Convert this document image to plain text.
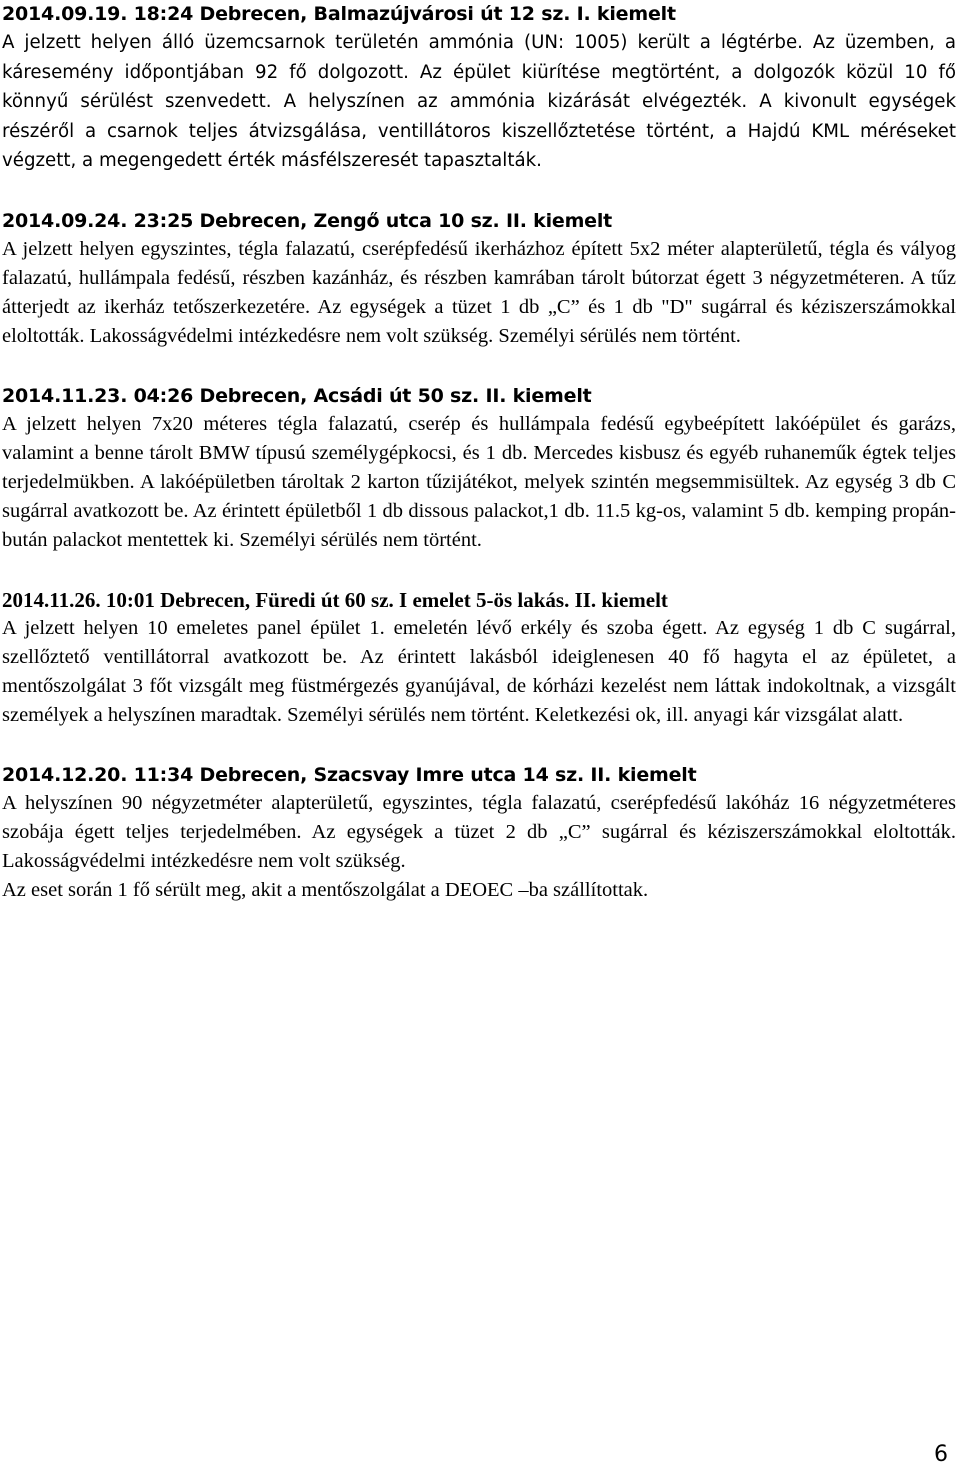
2014.09.19. 18:24 Debrecen, Balmazújvárosi út 12 sz. I. kiemelt

A jelzett helyen álló üzemcsarnok területén ammónia (UN: 1005) került a légtérbe. Az üzemben, a káresemény időpontjában 92 fő dolgozott. Az épület kiürítése megtörtént, a dolgozók közül 10 fő könnyű sérülést szenvedett. A helyszínen az ammónia kizárását elvégezték. A kivonult egységek részéről a csarnok teljes átvizsgálása, ventillátoros kiszellőztetése történt, a Hajdú KML méréseket végzett, a megengedett érték másfélszeresét tapasztalták.

2014.09.24. 23:25 Debrecen, Zengő utca 10 sz. II. kiemelt

A jelzett helyen egyszintes, tégla falazatú, cserépfedésű ikerházhoz épített 5x2 méter alapterületű, tégla és vályog falazatú, hullámpala fedésű, részben kazánház, és részben kamrában tárolt bútorzat égett 3 négyzetméteren. A tűz átterjedt az ikerház tetőszerkezetére. Az egységek a tüzet 1 db „C” és 1 db "D" sugárral és kéziszerszámokkal eloltották. Lakosságvédelmi intézkedésre nem volt szükség. Személyi sérülés nem történt.

2014.11.23. 04:26 Debrecen, Acsádi út 50 sz. II. kiemelt

A jelzett helyen 7x20 méteres tégla falazatú, cserép és hullámpala fedésű egybeépített lakóépület és garázs, valamint a benne tárolt BMW típusú személygépkocsi, és 1 db. Mercedes kisbusz és egyéb ruhaneműk égtek teljes terjedelmükben. A lakóépületben tároltak 2 karton tűzijátékot, melyek szintén megsemmisültek. Az egység 3 db C sugárral avatkozott be. Az érintett épületből 1 db dissous palackot,1 db. 11.5 kg-os, valamint 5 db. kemping propán-bután palackot mentettek ki. Személyi sérülés nem történt.

2014.11.26. 10:01 Debrecen, Füredi út 60 sz. I emelet 5-ös lakás. II. kiemelt

A jelzett helyen 10 emeletes panel épület 1. emeletén lévő erkély és szoba égett. Az egység 1 db C sugárral, szellőztető ventillátorral avatkozott be. Az érintett lakásból ideiglenesen 40 fő hagyta el az épületet, a mentőszolgálat 3 főt vizsgált meg füstmérgezés gyanújával, de kórházi kezelést nem láttak indokoltnak, a vizsgált személyek a helyszínen maradtak. Személyi sérülés nem történt. Keletkezési ok, ill. anyagi kár vizsgálat alatt.

2014.12.20. 11:34 Debrecen, Szacsvay Imre utca 14 sz. II. kiemelt

A helyszínen 90 négyzetméter alapterületű, egyszintes, tégla falazatú, cserépfedésű lakóház 16 négyzetméteres szobája égett teljes terjedelmében. Az egységek a tüzet 2 db „C” sugárral és kéziszerszámokkal eloltották. Lakosságvédelmi intézkedésre nem volt szükség.

Az eset során 1 fő sérült meg, akit a mentőszolgálat a DEOEC –ba szállítottak.

6
